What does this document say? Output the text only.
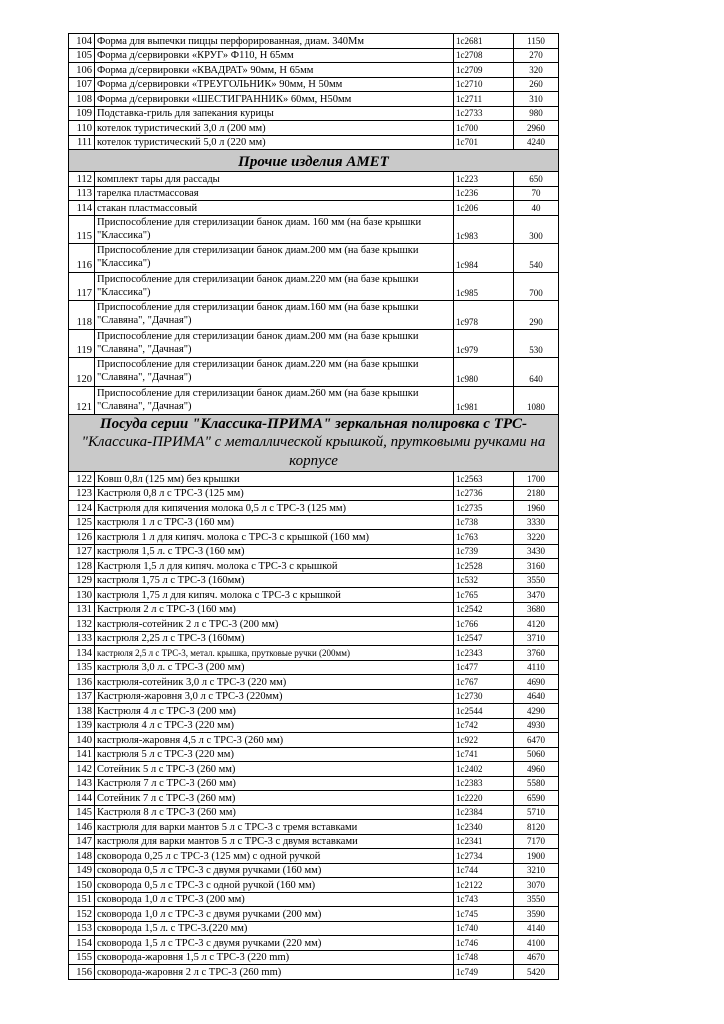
104	Форма для выпечки пиццы перфорированная, диам. 340Мм	1с2681	1150
105	Форма д/сервировки «КРУГ» Ф110, Н 65мм	1с2708	270
106	Форма д/сервировки «КВАДРАТ» 90мм, Н 65мм	1с2709	320
107	Форма д/сервировки «ТРЕУГОЛЬНИК» 90мм, Н 50мм	1с2710	260
108	Форма д/сервировки «ШЕСТИГРАННИК» 60мм, Н50мм	1с2711	310
109	Подставка-гриль для запекания курицы	1с2733	980
110	котелок туристический 3,0 л (200 мм)	1с700	2960
111	котелок туристический 5,0 л (220 мм)	1с701	4240
Прочие изделия АМЕТ			
112	комплект тары для рассады	1с223	650
113	тарелка пластмассовая	1с236	70
114	стакан пластмассовый	1с206	40
115	Приспособление для стерилизации банок диам. 160 мм (на базе крышки "Классика")	1с983	300
116	Приспособление для стерилизации банок диам.200 мм (на базе крышки "Классика")	1с984	540
117	Приспособление для стерилизации банок диам.220 мм (на базе крышки "Классика")	1с985	700
118	Приспособление для стерилизации банок диам.160 мм (на базе крышки "Славяна", "Дачная")	1с978	290
119	Приспособление для стерилизации банок диам.200 мм (на базе крышки "Славяна", "Дачная")	1с979	530
120	Приспособление для стерилизации банок диам.220 мм (на базе крышки "Славяна", "Дачная")	1с980	640
121	Приспособление для стерилизации банок диам.260 мм (на базе крышки "Славяна", "Дачная")	1с981	1080

Посуда серии "Классика-ПРИМА" зеркальная полировка с ТРС-
"Классика-ПРИМА" с металлической крышкой, прутковыми ручками на корпусе			

122	Ковш 0,8л (125 мм) без крышки	1с2563	1700
123	Кастрюля 0,8 л с ТРС-3 (125 мм)	1с2736	2180
124	Кастрюля для кипячения молока 0,5 л с ТРС-3 (125 мм)	1с2735	1960
125	кастрюля 1 л с ТРС-3 (160 мм)	1с738	3330
126	кастрюля 1 л для кипяч. молока с ТРС-3 с крышкой (160 мм)	1с763	3220
127	кастрюля 1,5 л. с ТРС-3 (160 мм)	1с739	3430
128	Кастрюля 1,5 л для кипяч. молока с ТРС-3 с крышкой	1с2528	3160
129	кастрюля 1,75 л с ТРС-3 (160мм)	1с532	3550
130	кастрюля 1,75 л для кипяч. молока с ТРС-3 с крышкой	1с765	3470
131	Кастрюля 2 л с ТРС-3 (160 мм)	1с2542	3680
132	кастрюля-сотейник 2 л с ТРС-3 (200 мм)	1с766	4120
133	кастрюля 2,25 л с ТРС-3 (160мм)	1с2547	3710
134	кастрюля 2,5 л с ТРС-3, метал. крышка, прутковые ручки (200мм)	1с2343	3760
135	кастрюля 3,0 л. с ТРС-3 (200 мм)	1с477	4110
136	кастрюля-сотейник 3,0 л с ТРС-3 (220 мм)	1с767	4690
137	Кастрюля-жаровня 3,0 л с ТРС-3 (220мм)	1с2730	4640
138	Кастрюля 4 л с ТРС-3 (200 мм)	1с2544	4290
139	кастрюля 4 л с ТРС-3 (220 мм)	1с742	4930
140	кастрюля-жаровня 4,5 л с ТРС-3 (260 мм)	1с922	6470
141	кастрюля 5 л с ТРС-3 (220 мм)	1с741	5060
142	Сотейник 5 л с ТРС-3 (260 мм)	1с2402	4960
143	Кастрюля 7 л с ТРС-3 (260 мм)	1с2383	5580
144	Сотейник 7 л с ТРС-3 (260 мм)	1с2220	6590
145	Кастрюля 8 л с ТРС-3 (260 мм)	1с2384	5710
146	кастрюля для варки мантов 5 л с ТРС-3 с тремя вставками	1с2340	8120
147	кастрюля для варки мантов 5 л с ТРС-3 с двумя вставками	1с2341	7170
148	сковорода 0,25 л с ТРС-3 (125 мм) с одной ручкой	1с2734	1900
149	сковорода 0,5 л с ТРС-3 с двумя ручками (160 мм)	1с744	3210
150	сковорода 0,5 л с ТРС-3 с одной ручкой (160 мм)	1с2122	3070
151	сковорода 1,0 л с ТРС-3 (200 мм)	1с743	3550
152	сковорода 1,0 л с ТРС-3 с двумя ручками (200 мм)	1с745	3590
153	сковорода 1,5 л. с ТРС-3.(220 мм)	1с740	4140
154	сковорода 1,5 л с ТРС-3 с двумя ручками (220 мм)	1с746	4100
155	сковорода-жаровня 1,5 л с ТРС-3 (220 mm)	1с748	4670
156	сковорода-жаровня 2 л с ТРС-3 (260 mm)	1с749	5420
